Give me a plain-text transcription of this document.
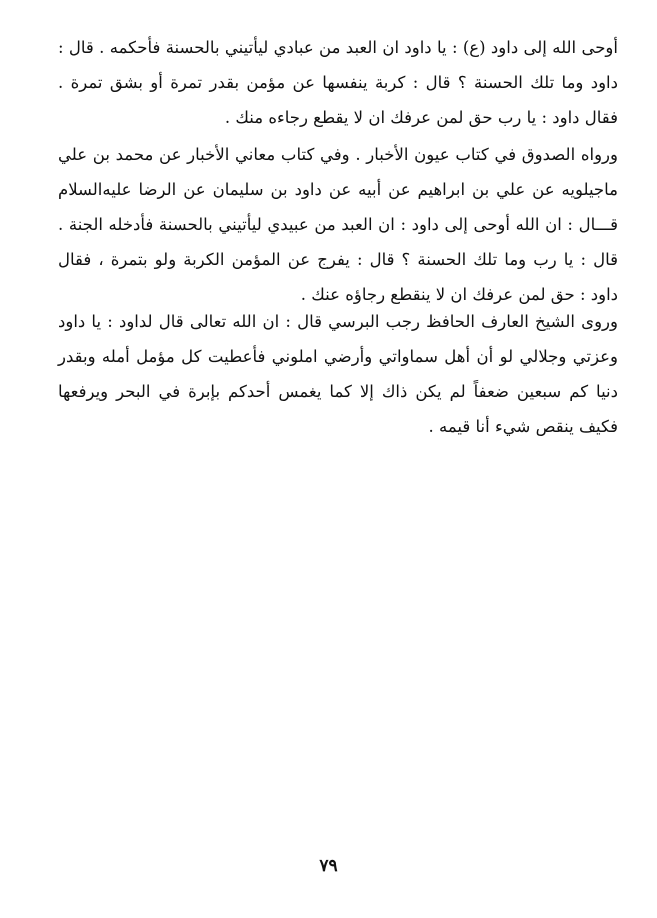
أوحى الله إلى داود (ع) : يا داود ان العبد من عبادي ليأتيني بالحسنة فأحكمه . قال : داود وما تلك الحسنة ؟ قال : كربة ينفسها عن مؤمن بقدر تمرة أو بشق تمرة . فقال داود : يا رب حق لمن عرفك ان لا يقطع رجاءه منك .

ورواه الصدوق في كتاب عيون الأخبار . وفي كتاب معاني الأخبار عن محمد بن علي ماجيلويه عن علي بن ابراهيم عن أبيه عن داود بن سليمان عن الرضا عليه‌السلام قـــال : ان الله أوحى إلى داود : ان العبد من عبيدي ليأتيني بالحسنة فأدخله الجنة . قال : يا رب وما تلك الحسنة ؟ قال : يفرج عن المؤمن الكربة ولو بتمرة ، فقال داود : حق لمن عرفك ان لا ينقطع رجاؤه عنك .

وروى الشيخ العارف الحافظ رجب البرسي قال : ان الله تعالى قال لداود : يا داود وعزتي وجلالي لو أن أهل سماواتي وأرضي املوني فأعطيت كل مؤمل أمله وبقدر دنيا كم سبعين ضعفاً لم يكن ذاك إلا كما يغمس أحدكم بإبرة في البحر ويرفعها فكيف ينقص شيء أنا قيمه .

٧٩
